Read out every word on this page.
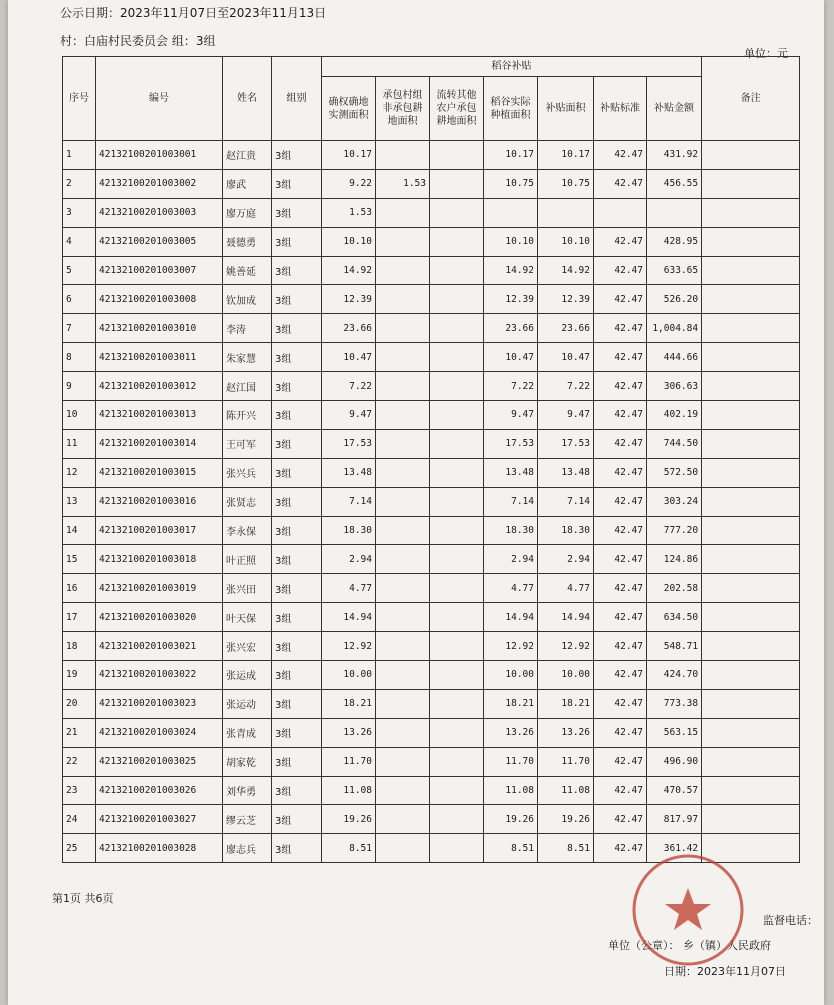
公示日期：2023年11月07日至2023年11月13日
村：白庙村民委员会 组：3组
单位：元
序号	编号	姓名	组别	稻谷补贴							备注
				确权确地实测面积	承包村组非承包耕地面积	流转其他农户承包耕地面积	稻谷实际种植面积	补贴面积	补贴标准	补贴金额	
1	42132100201003001	赵江贵	3组	10.17			10.17	10.17	42.47	431.92	
2	42132100201003002	廖武	3组	9.22	1.53		10.75	10.75	42.47	456.55	
3	42132100201003003	廖万庭	3组	1.53							
4	42132100201003005	聂德勇	3组	10.10			10.10	10.10	42.47	428.95	
5	42132100201003007	姚善延	3组	14.92			14.92	14.92	42.47	633.65	
6	42132100201003008	钦加成	3组	12.39			12.39	12.39	42.47	526.20	
7	42132100201003010	李涛	3组	23.66			23.66	23.66	42.47	1,004.84	
8	42132100201003011	朱家慧	3组	10.47			10.47	10.47	42.47	444.66	
9	42132100201003012	赵江国	3组	7.22			7.22	7.22	42.47	306.63	
10	42132100201003013	陈开兴	3组	9.47			9.47	9.47	42.47	402.19	
11	42132100201003014	王可军	3组	17.53			17.53	17.53	42.47	744.50	
12	42132100201003015	张兴兵	3组	13.48			13.48	13.48	42.47	572.50	
13	42132100201003016	张贤志	3组	7.14			7.14	7.14	42.47	303.24	
14	42132100201003017	李永保	3组	18.30			18.30	18.30	42.47	777.20	
15	42132100201003018	叶正照	3组	2.94			2.94	2.94	42.47	124.86	
16	42132100201003019	张兴田	3组	4.77			4.77	4.77	42.47	202.58	
17	42132100201003020	叶天保	3组	14.94			14.94	14.94	42.47	634.50	
18	42132100201003021	张兴宏	3组	12.92			12.92	12.92	42.47	548.71	
19	42132100201003022	张运成	3组	10.00			10.00	10.00	42.47	424.70	
20	42132100201003023	张运动	3组	18.21			18.21	18.21	42.47	773.38	
21	42132100201003024	张青成	3组	13.26			13.26	13.26	42.47	563.15	
22	42132100201003025	胡家乾	3组	11.70			11.70	11.70	42.47	496.90	
23	42132100201003026	刘华勇	3组	11.08			11.08	11.08	42.47	470.57	
24	42132100201003027	缪云芝	3组	19.26			19.26	19.26	42.47	817.97	
25	42132100201003028	廖志兵	3组	8.51			8.51	8.51	42.47	361.42	
第1页 共6页
监督电话：
单位（公章）： 乡（镇）人民政府
日期：2023年11月07日
